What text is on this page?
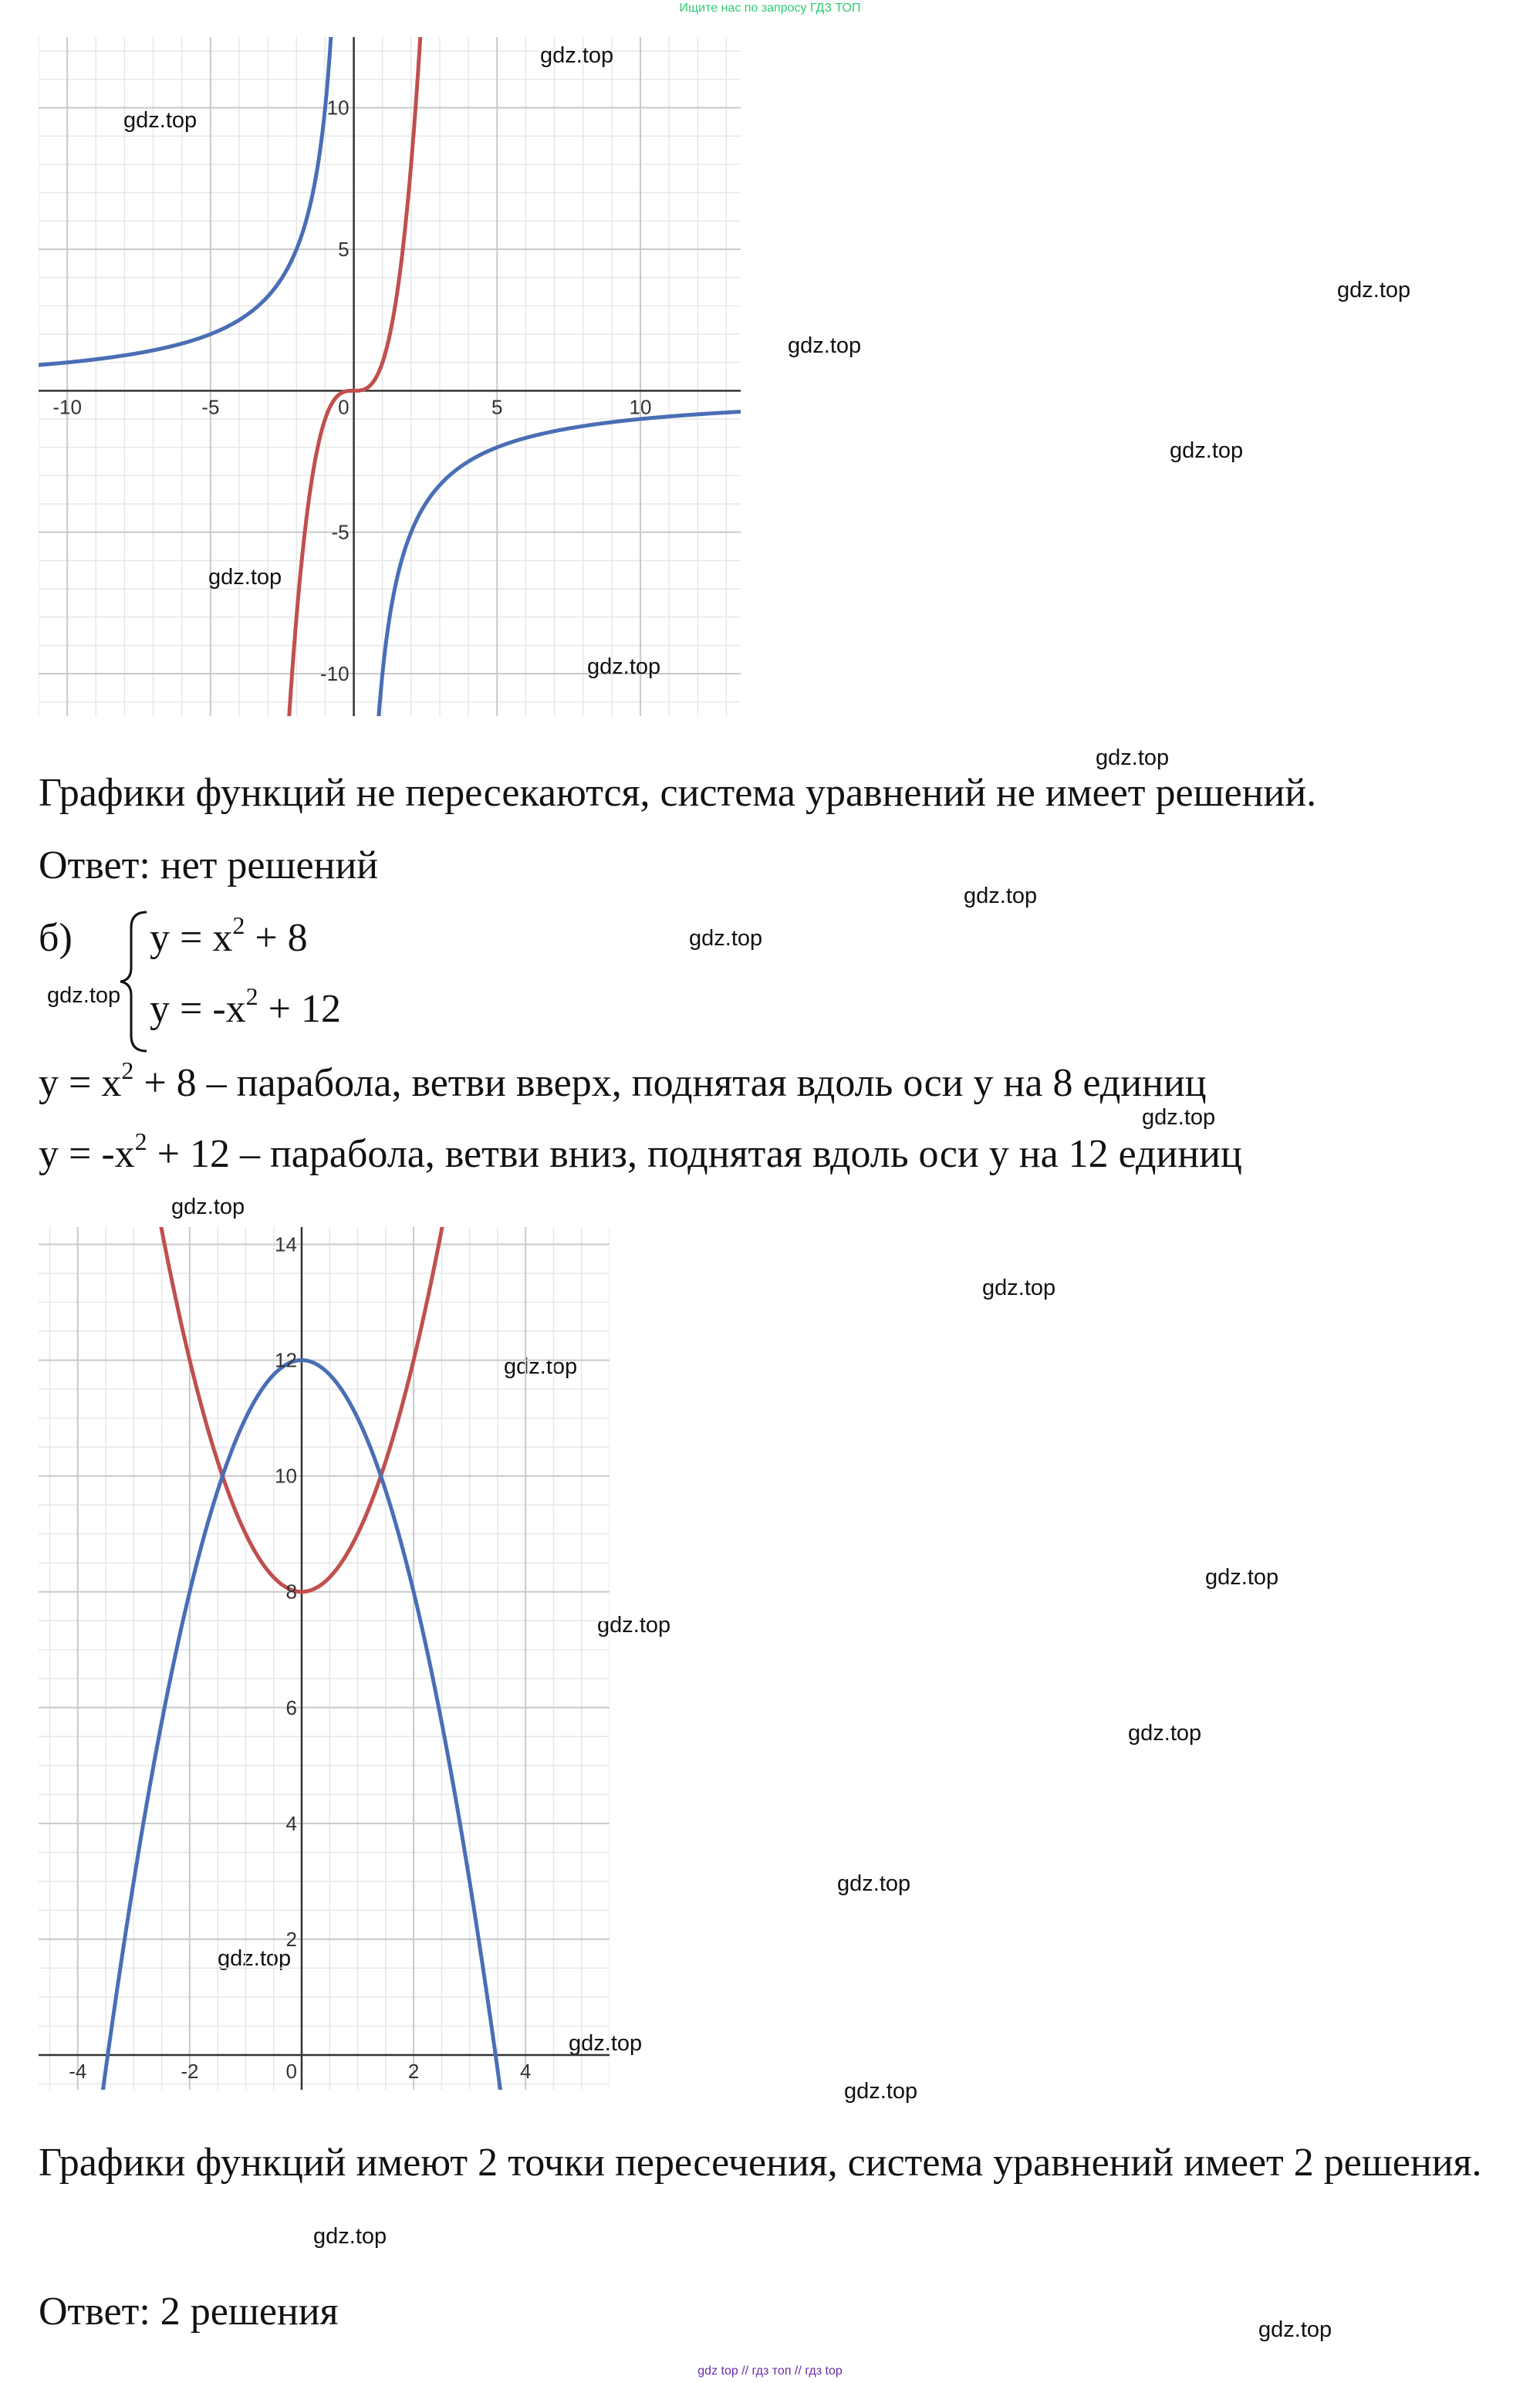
Ищите нас по запросу ГДЗ ТОП
-10	-5	0	5	10
-10
-5
5
10
gdz.top
gdz.top
gdz.top
gdz.top
gdz.top
gdz.top
gdz.top
gdz.top
gdz.top
gdz.top
gdz.top
gdz.top
gdz.top
gdz.top
gdz.top
gdz.top
gdz.top
gdz.top
gdz.top
gdz.top
gdz.top
gdz.top
gdz.top
gdz.top
Графики функций не пересекаются, система уравнений не имеет решений.
Ответ: нет решений
б) $y = x^2 + 8$
$y = -x^2 + 12$
$y = x^2 + 8$ – парабола, ветви вверх, поднятая вдоль оси y на 8 единиц
$y = -x^2 + 12$ – парабола, ветви вниз, поднятая вдоль оси y на 12 единиц
-4	-2	0	2	4
2
4
6
8
10
12
14
Графики функций имеют 2 точки пересечения, система уравнений имеет 2 решения.
Ответ: 2 решения
gdz top // гдз топ // гдз top
